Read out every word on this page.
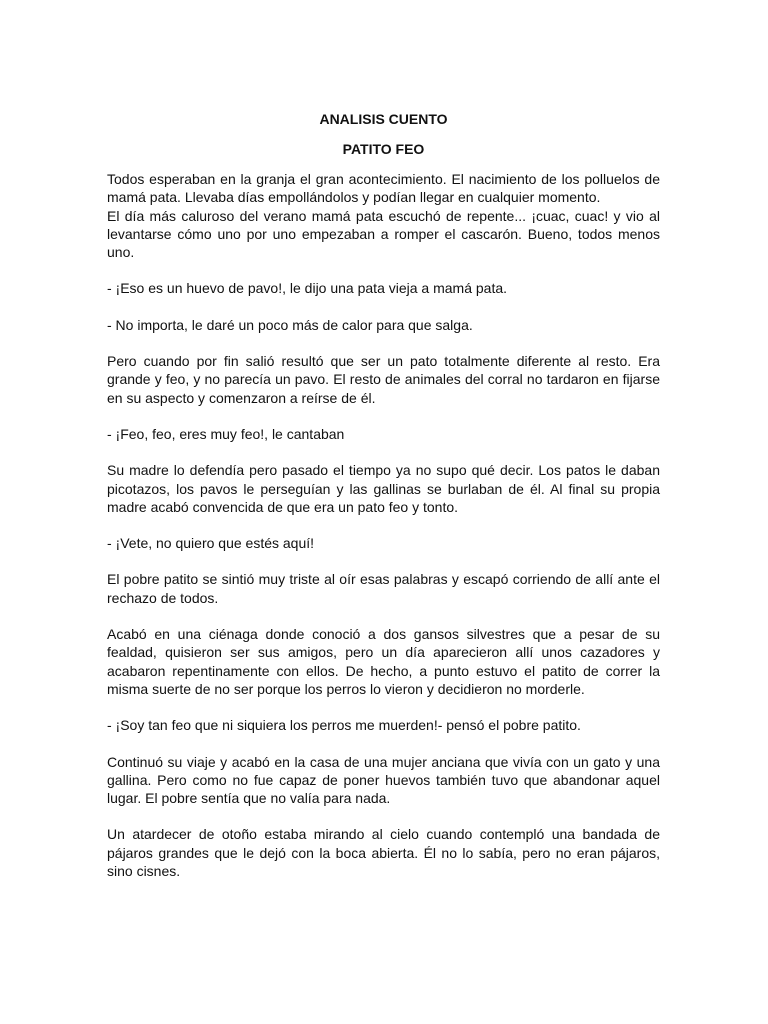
ANALISIS CUENTO

PATITO FEO

Todos esperaban en la granja el gran acontecimiento. El nacimiento de los polluelos de mamá pata. Llevaba días empollándolos y podían llegar en cualquier momento.

El día más caluroso del verano mamá pata escuchó de repente... ¡cuac, cuac! y vio al levantarse cómo uno por uno empezaban a romper el cascarón. Bueno, todos menos uno.

- ¡Eso es un huevo de pavo!, le dijo una pata vieja a mamá pata.

- No importa, le daré un poco más de calor para que salga.

Pero cuando por fin salió resultó que ser un pato totalmente diferente al resto. Era grande y feo, y no parecía un pavo. El resto de animales del corral no tardaron en fijarse en su aspecto y comenzaron a reírse de él.

- ¡Feo, feo, eres muy feo!, le cantaban

Su madre lo defendía pero pasado el tiempo ya no supo qué decir. Los patos le daban picotazos, los pavos le perseguían y las gallinas se burlaban de él. Al final su propia madre acabó convencida de que era un pato feo y tonto.

- ¡Vete, no quiero que estés aquí!

El pobre patito se sintió muy triste al oír esas palabras y escapó corriendo de allí ante el rechazo de todos.

Acabó en una ciénaga donde conoció a dos gansos silvestres que a pesar de su fealdad, quisieron ser sus amigos, pero un día aparecieron allí unos cazadores y acabaron repentinamente con ellos. De hecho, a punto estuvo el patito de correr la misma suerte de no ser porque los perros lo vieron y decidieron no morderle.

- ¡Soy tan feo que ni siquiera los perros me muerden!- pensó el pobre patito.

Continuó su viaje y acabó en la casa de una mujer anciana que vivía con un gato y una gallina. Pero como no fue capaz de poner huevos también tuvo que abandonar aquel lugar. El pobre sentía que no valía para nada.

Un atardecer de otoño estaba mirando al cielo cuando contempló una bandada de pájaros grandes que le dejó con la boca abierta. Él no lo sabía, pero no eran pájaros, sino cisnes.
